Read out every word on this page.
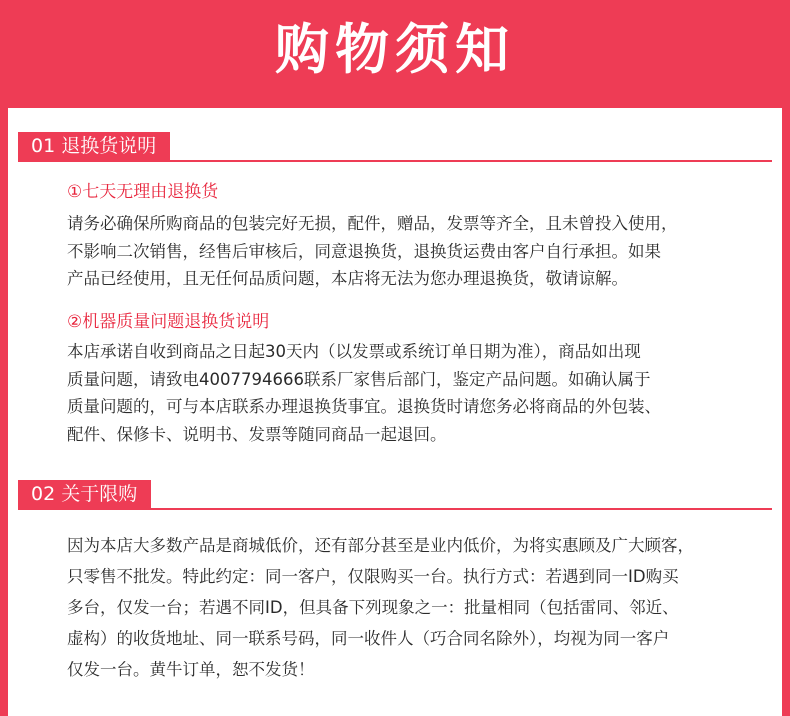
购物须知
01 退换货说明
①七天无理由退换货
请务必确保所购商品的包装完好无损，配件，赠品，发票等齐全，且未曾投入使用，
不影响二次销售，经售后审核后，同意退换货，退换货运费由客户自行承担。如果
产品已经使用，且无任何品质问题，本店将无法为您办理退换货，敬请谅解。
②机器质量问题退换货说明
本店承诺自收到商品之日起30天内（以发票或系统订单日期为准），商品如出现
质量问题，请致电4007794666联系厂家售后部门，鉴定产品问题。如确认属于
质量问题的，可与本店联系办理退换货事宜。退换货时请您务必将商品的外包装、
配件、保修卡、说明书、发票等随同商品一起退回。
02 关于限购
因为本店大多数产品是商城低价，还有部分甚至是业内低价，为将实惠顾及广大顾客，
只零售不批发。特此约定：同一客户，仅限购买一台。执行方式：若遇到同一ID购买
多台，仅发一台；若遇不同ID，但具备下列现象之一：批量相同（包括雷同、邻近、
虚构）的收货地址、同一联系号码，同一收件人（巧合同名除外），均视为同一客户
仅发一台。黄牛订单，恕不发货！
